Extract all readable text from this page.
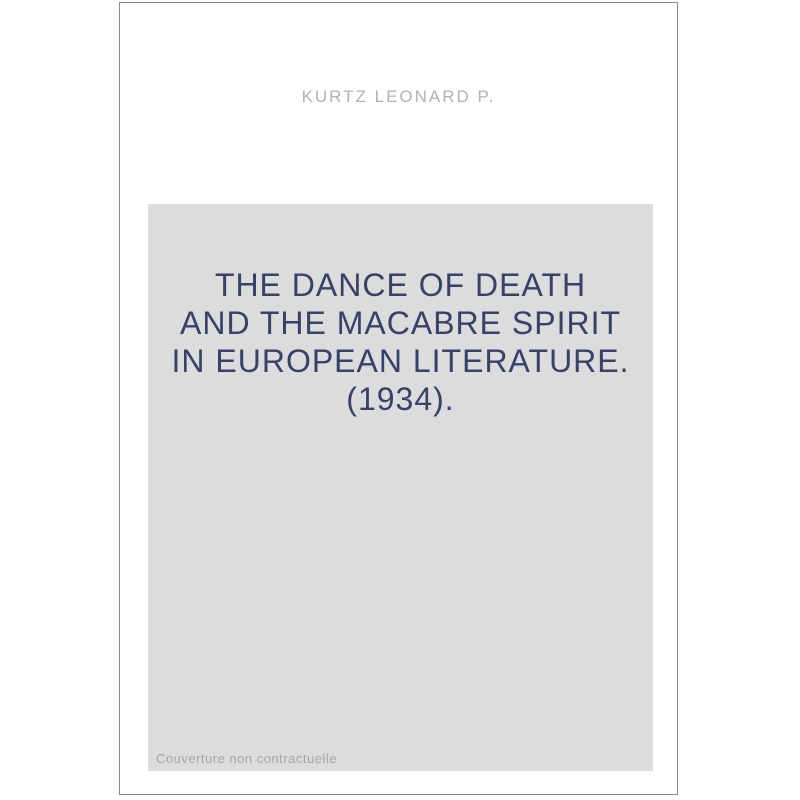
KURTZ LEONARD P.
THE DANCE OF DEATH
AND THE MACABRE SPIRIT
IN EUROPEAN LITERATURE.
(1934).
Couverture non contractuelle
